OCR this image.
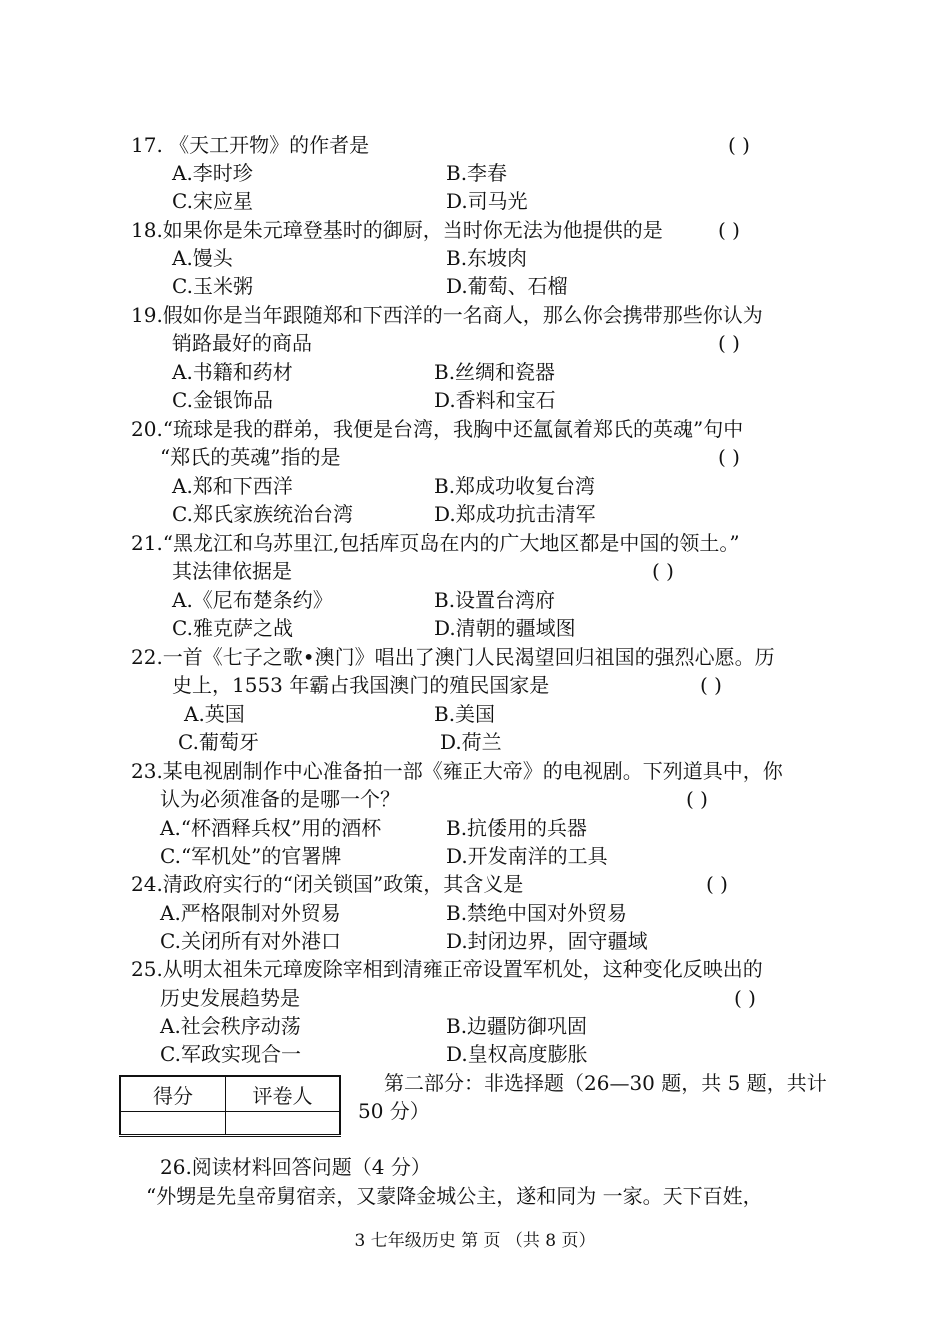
17. 《天工开物》的作者是	( )
A.李时珍	B.李春
C.宋应星	D.司马光
18.如果你是朱元璋登基时的御厨，当时你无法为他提供的是	( )
A.馒头	B.东坡肉
C.玉米粥	D.葡萄、石榴
19.假如你是当年跟随郑和下西洋的一名商人，那么你会携带那些你认为
销路最好的商品	( )
A.书籍和药材	B.丝绸和瓷器
C.金银饰品	D.香料和宝石
20.“琉球是我的群弟，我便是台湾，我胸中还氲氤着郑氏的英魂”句中
“郑氏的英魂”指的是	( )
A.郑和下西洋	B.郑成功收复台湾
C.郑氏家族统治台湾	D.郑成功抗击清军
21.“黑龙江和乌苏里江,包括库页岛在内的广大地区都是中国的领土。”
其法律依据是	( )
A.《尼布楚条约》	B.设置台湾府
C.雅克萨之战	D.清朝的疆域图
22.一首《七子之歌•澳门》唱出了澳门人民渴望回归祖国的强烈心愿。历
史上，1553 年霸占我国澳门的殖民国家是	( )
A.英国	B.美国
C.葡萄牙	D.荷兰
23.某电视剧制作中心准备拍一部《雍正大帝》的电视剧。下列道具中，你
认为必须准备的是哪一个？	( )
A.“杯酒释兵权”用的酒杯	B.抗倭用的兵器
C.“军机处”的官署牌	D.开发南洋的工具
24.清政府实行的“闭关锁国”政策，其含义是	( )
A.严格限制对外贸易	B.禁绝中国对外贸易
C.关闭所有对外港口	D.封闭边界，固守疆域
25.从明太祖朱元璋废除宰相到清雍正帝设置军机处，这种变化反映出的
历史发展趋势是	( )
A.社会秩序动荡	B.边疆防御巩固
C.军政实现合一	D.皇权高度膨胀
得分	评卷人

第二部分：非选择题（26—30 题，共 5 题，共计
50 分）
26.阅读材料回答问题（4 分）
“外甥是先皇帝舅宿亲，又蒙降金城公主，遂和同为 一家。天下百姓，
3 七年级历史 第 页 （共 8 页）
